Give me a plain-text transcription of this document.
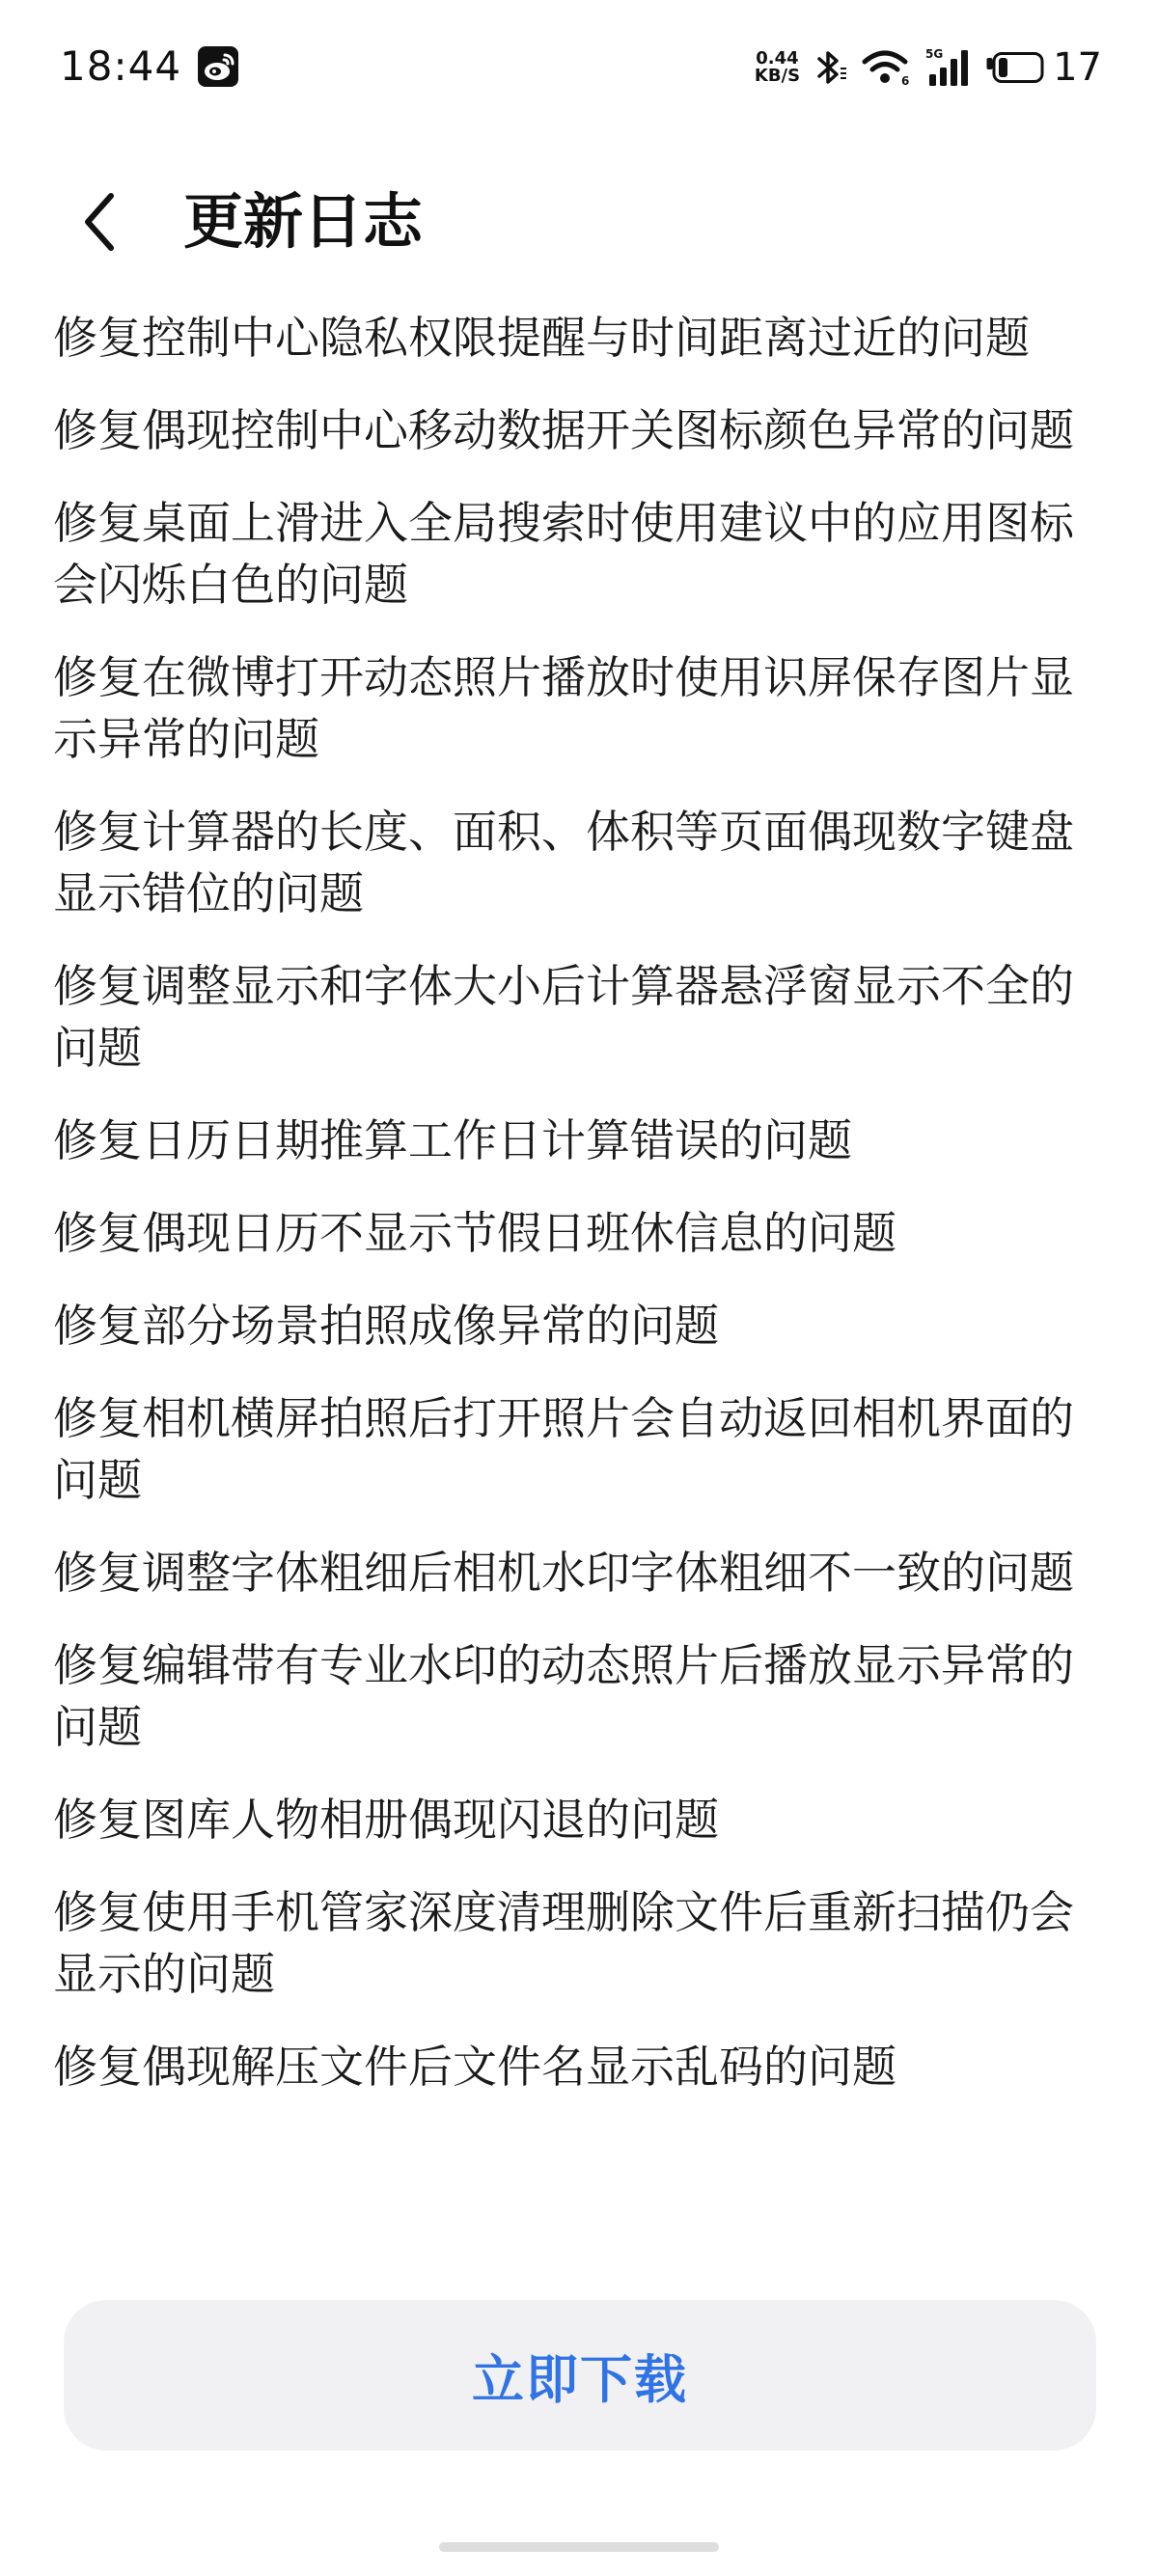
18:44	0.44
KB/S	6
5G	17
更新日志
修复控制中心隐私权限提醒与时间距离过近的问题
修复偶现控制中心移动数据开关图标颜色异常的问题
修复桌面上滑进入全局搜索时使用建议中的应用图标会闪烁白色的问题
修复在微博打开动态照片播放时使用识屏保存图片显示异常的问题
修复计算器的长度、面积、体积等页面偶现数字键盘显示错位的问题
修复调整显示和字体大小后计算器悬浮窗显示不全的问题
修复日历日期推算工作日计算错误的问题
修复偶现日历不显示节假日班休信息的问题
修复部分场景拍照成像异常的问题
修复相机横屏拍照后打开照片会自动返回相机界面的问题
修复调整字体粗细后相机水印字体粗细不一致的问题
修复编辑带有专业水印的动态照片后播放显示异常的问题
修复图库人物相册偶现闪退的问题
修复使用手机管家深度清理删除文件后重新扫描仍会显示的问题
修复偶现解压文件后文件名显示乱码的问题
立即下载
